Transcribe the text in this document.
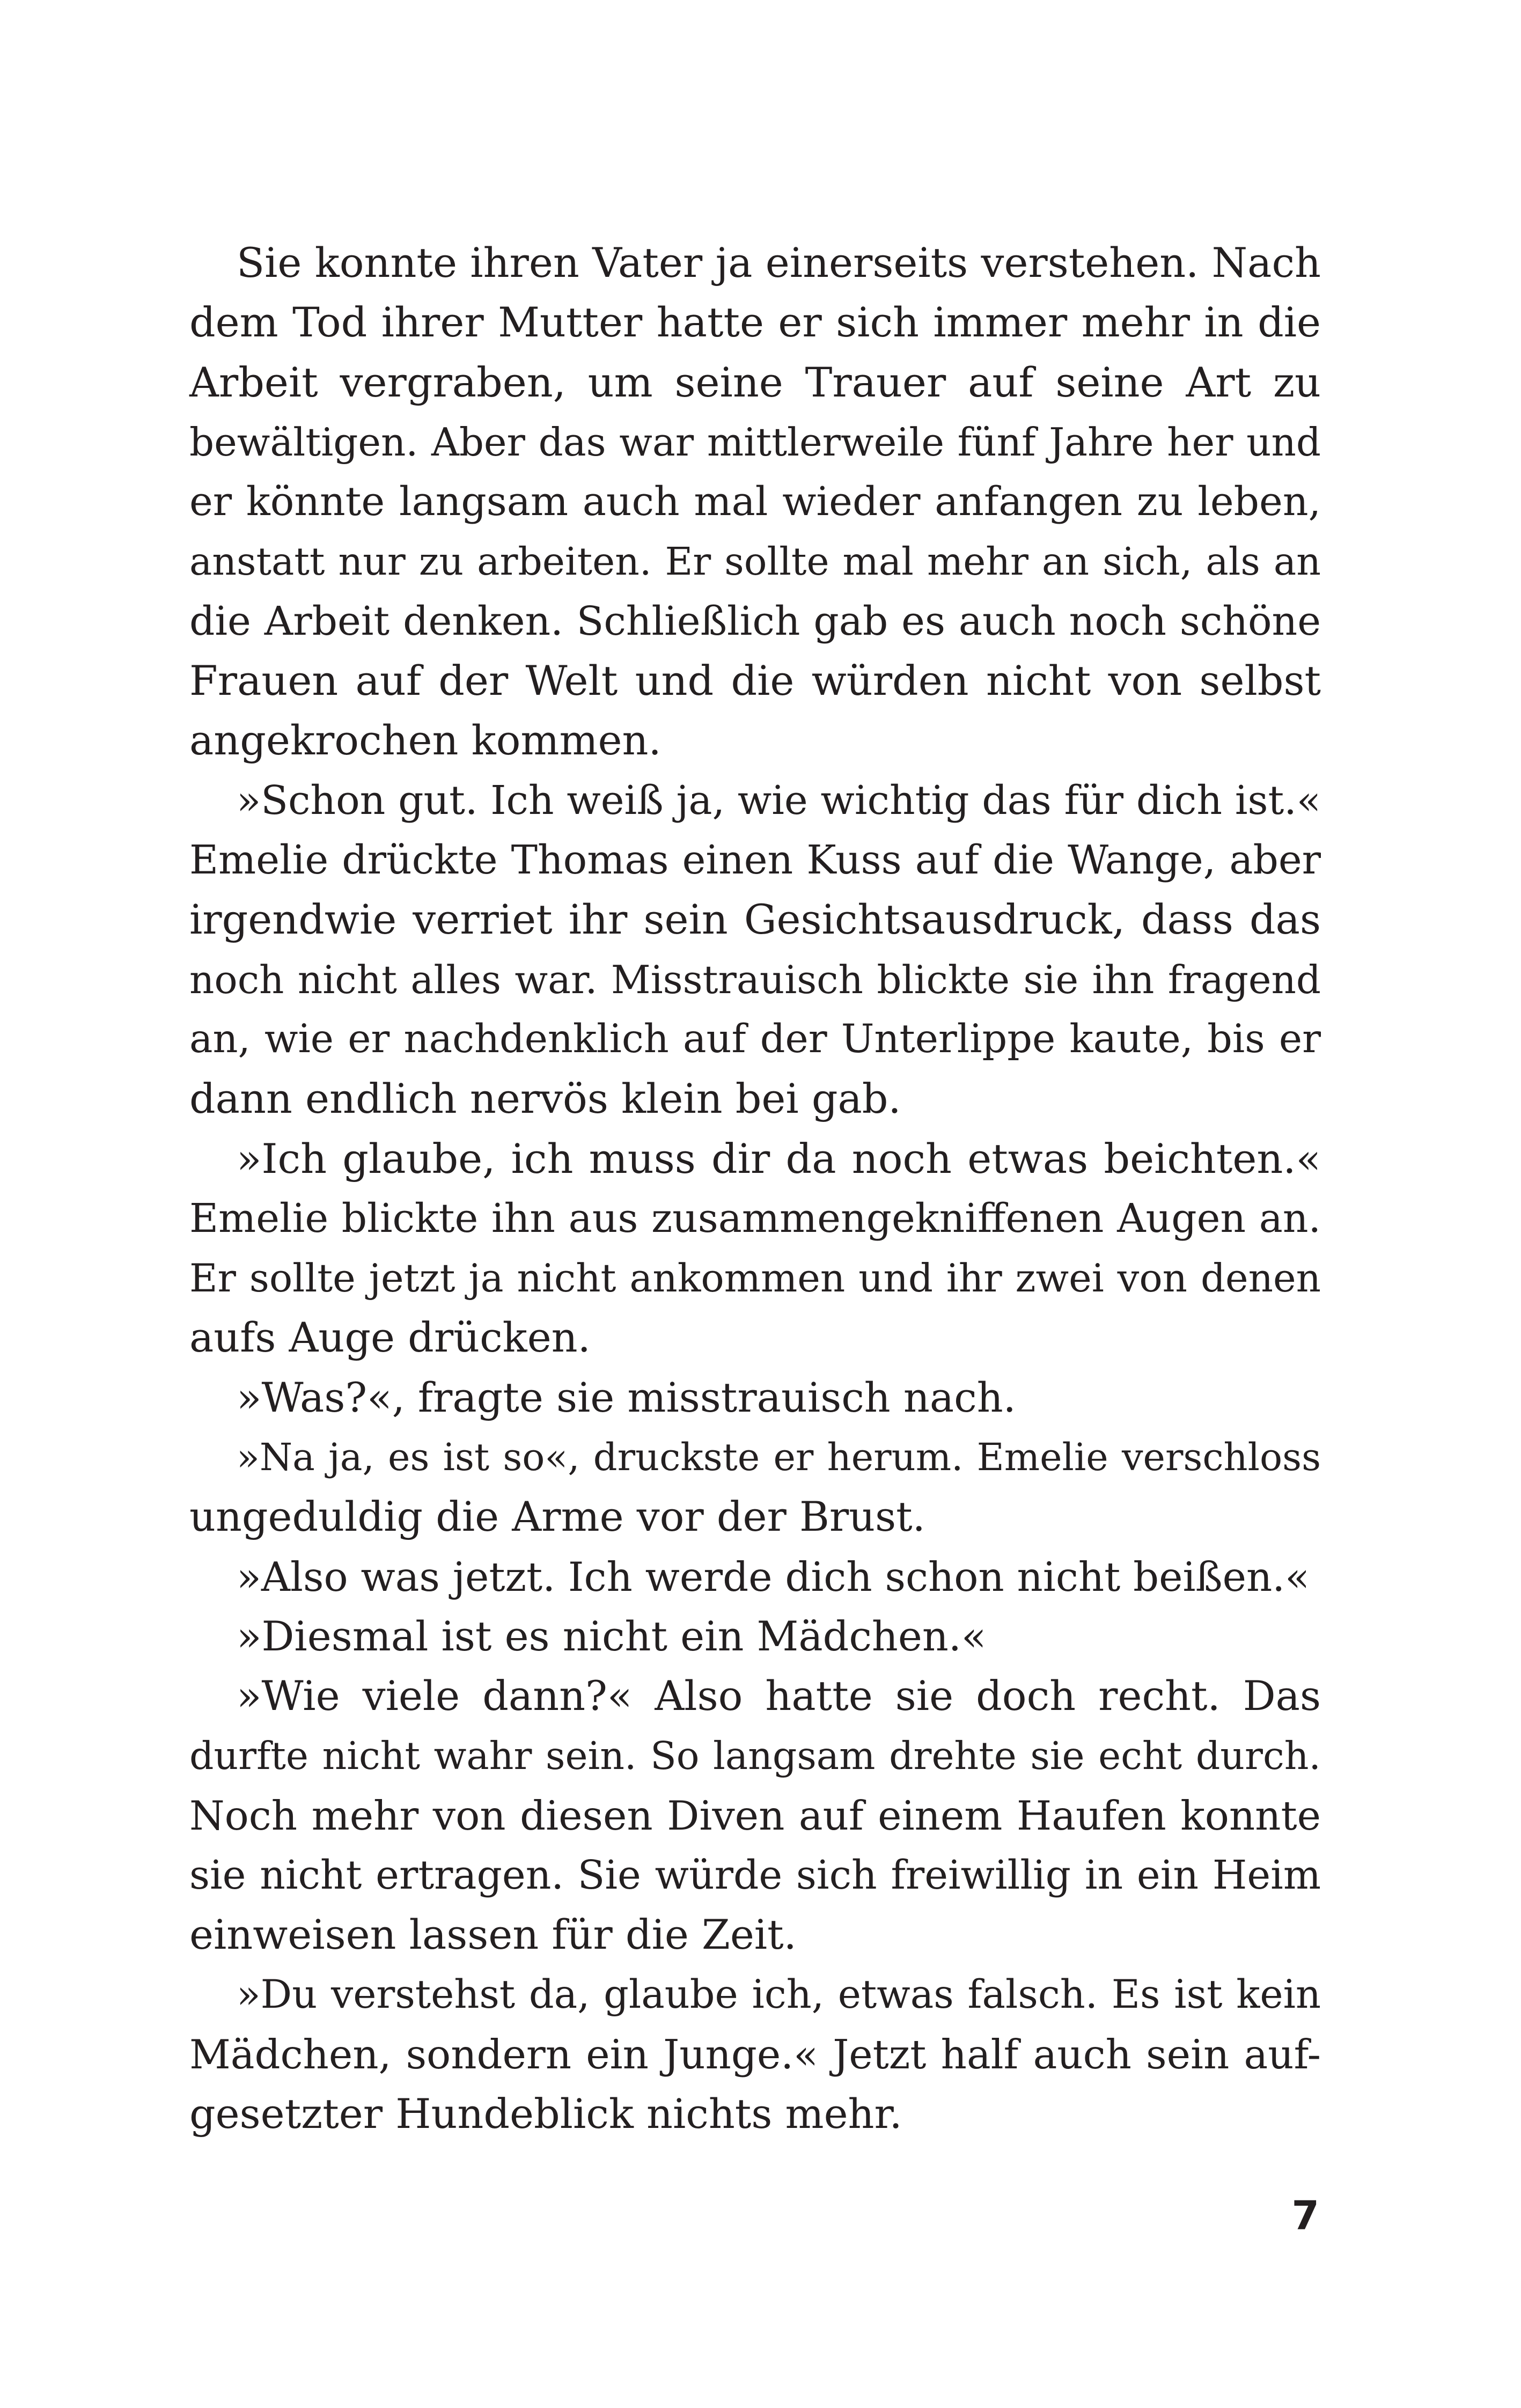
Sie konnte ihren Vater ja einerseits verstehen. Nach
dem Tod ihrer Mutter hatte er sich immer mehr in die
Arbeit vergraben, um seine Trauer auf seine Art zu
bewältigen. Aber das war mittlerweile fünf Jahre her und
er könnte langsam auch mal wieder anfangen zu leben,
anstatt nur zu arbeiten. Er sollte mal mehr an sich, als an
die Arbeit denken. Schließlich gab es auch noch schöne
Frauen auf der Welt und die würden nicht von selbst
angekrochen kommen.
»Schon gut. Ich weiß ja, wie wichtig das für dich ist.«
Emelie drückte Thomas einen Kuss auf die Wange, aber
irgendwie verriet ihr sein Gesichtsausdruck, dass das
noch nicht alles war. Misstrauisch blickte sie ihn fragend
an, wie er nachdenklich auf der Unterlippe kaute, bis er
dann endlich nervös klein bei gab.
»Ich glaube, ich muss dir da noch etwas beichten.«
Emelie blickte ihn aus zusammengekniffenen Augen an.
Er sollte jetzt ja nicht ankommen und ihr zwei von denen
aufs Auge drücken.
»Was?«, fragte sie misstrauisch nach.
»Na ja, es ist so«, druckste er herum. Emelie verschloss
ungeduldig die Arme vor der Brust.
»Also was jetzt. Ich werde dich schon nicht beißen.«
»Diesmal ist es nicht ein Mädchen.«
»Wie viele dann?« Also hatte sie doch recht. Das
durfte nicht wahr sein. So langsam drehte sie echt durch.
Noch mehr von diesen Diven auf einem Haufen konnte
sie nicht ertragen. Sie würde sich freiwillig in ein Heim
einweisen lassen für die Zeit.
»Du verstehst da, glaube ich, etwas falsch. Es ist kein
Mädchen, sondern ein Junge.« Jetzt half auch sein auf-
gesetzter Hundeblick nichts mehr.
7
